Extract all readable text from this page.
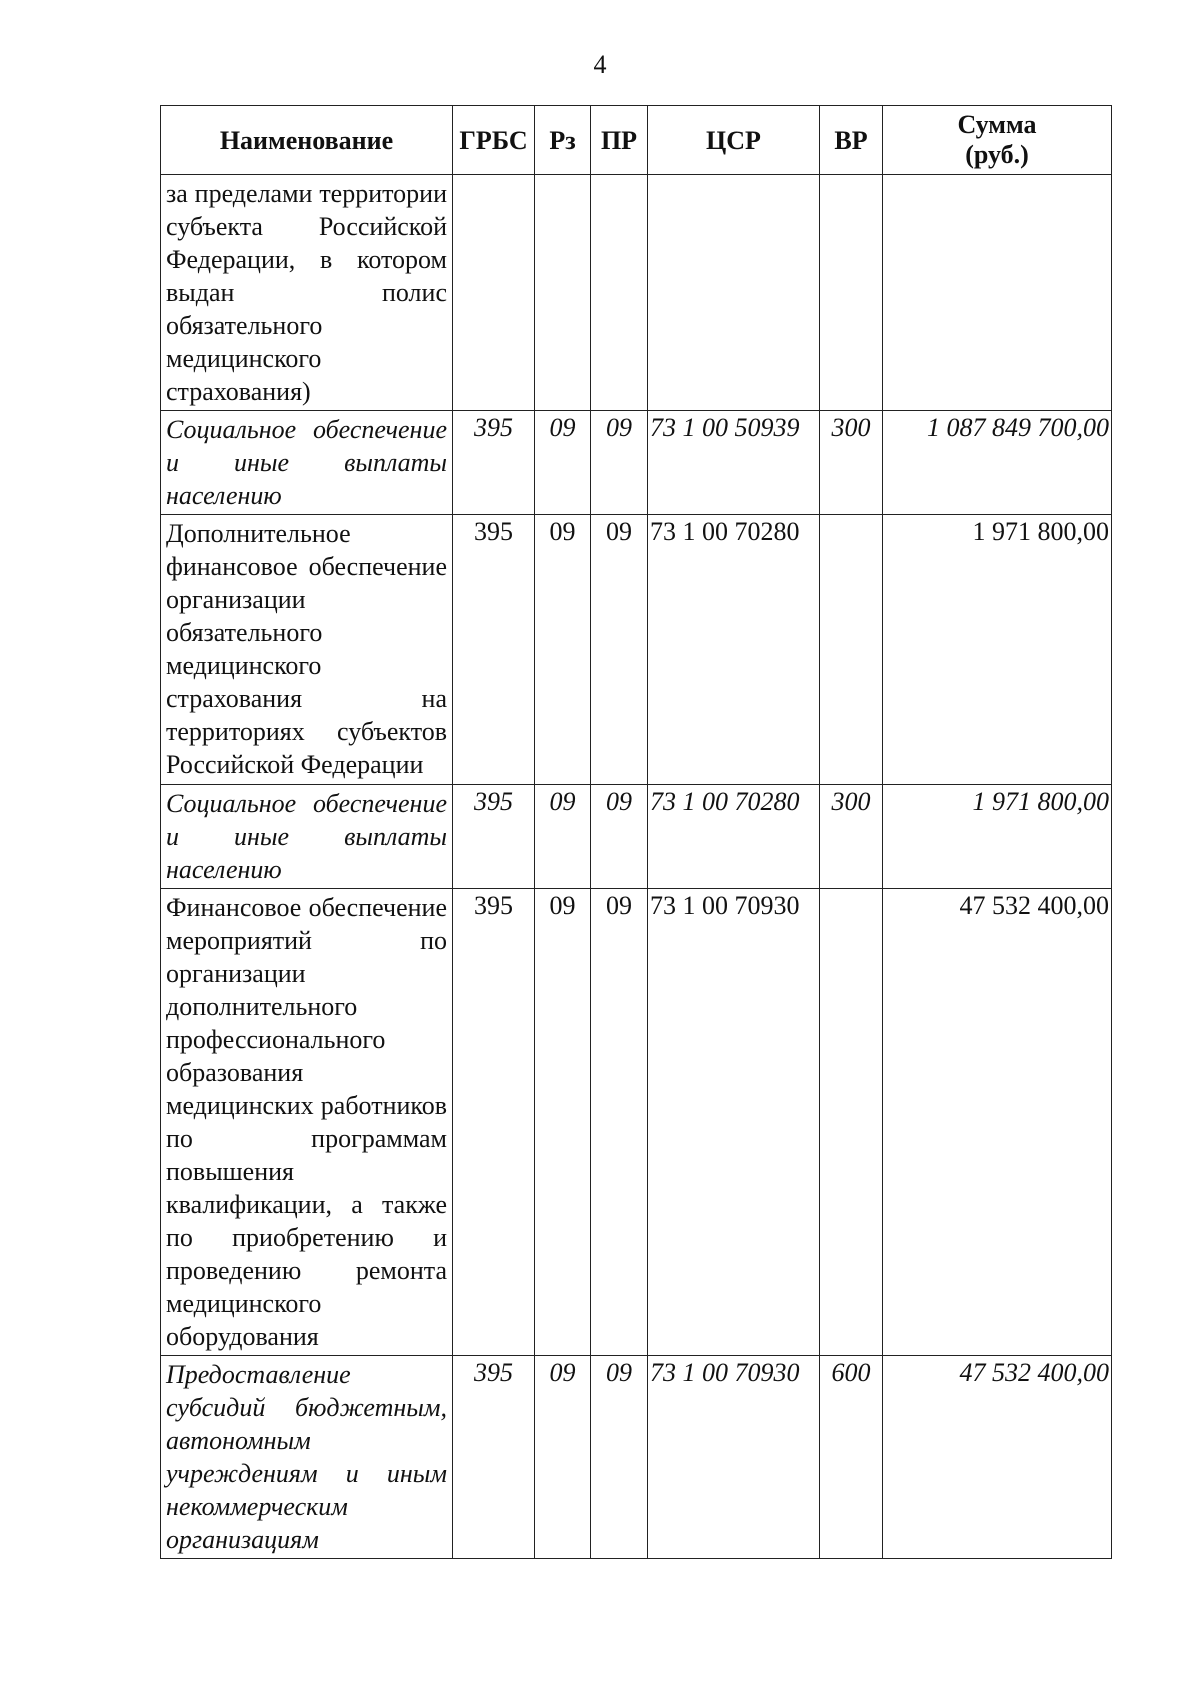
4
Наименование	ГРБС	Рз	ПР	ЦСР	ВР	Сумма
(руб.)

за пределами территории субъекта Российской Федерации, в котором выдан полис обязательного медицинского страхования)						

Социальное обеспечение и иные выплаты населению	395	09	09	73 1 00 50939	300	1 087 849 700,00

Дополнительное финансовое обеспечение организации обязательного медицинского страхования на территориях субъектов Российской Федерации	395	09	09	73 1 00 70280		1 971 800,00

Социальное обеспечение и иные выплаты населению	395	09	09	73 1 00 70280	300	1 971 800,00

Финансовое обеспечение мероприятий по организации дополнительного профессионального образования медицинских работников по программам повышения квалификации, а также по приобретению и проведению ремонта медицинского оборудования	395	09	09	73 1 00 70930		47 532 400,00

Предоставление субсидий бюджетным, автономным учреждениям и иным некоммерческим организациям	395	09	09	73 1 00 70930	600	47 532 400,00
